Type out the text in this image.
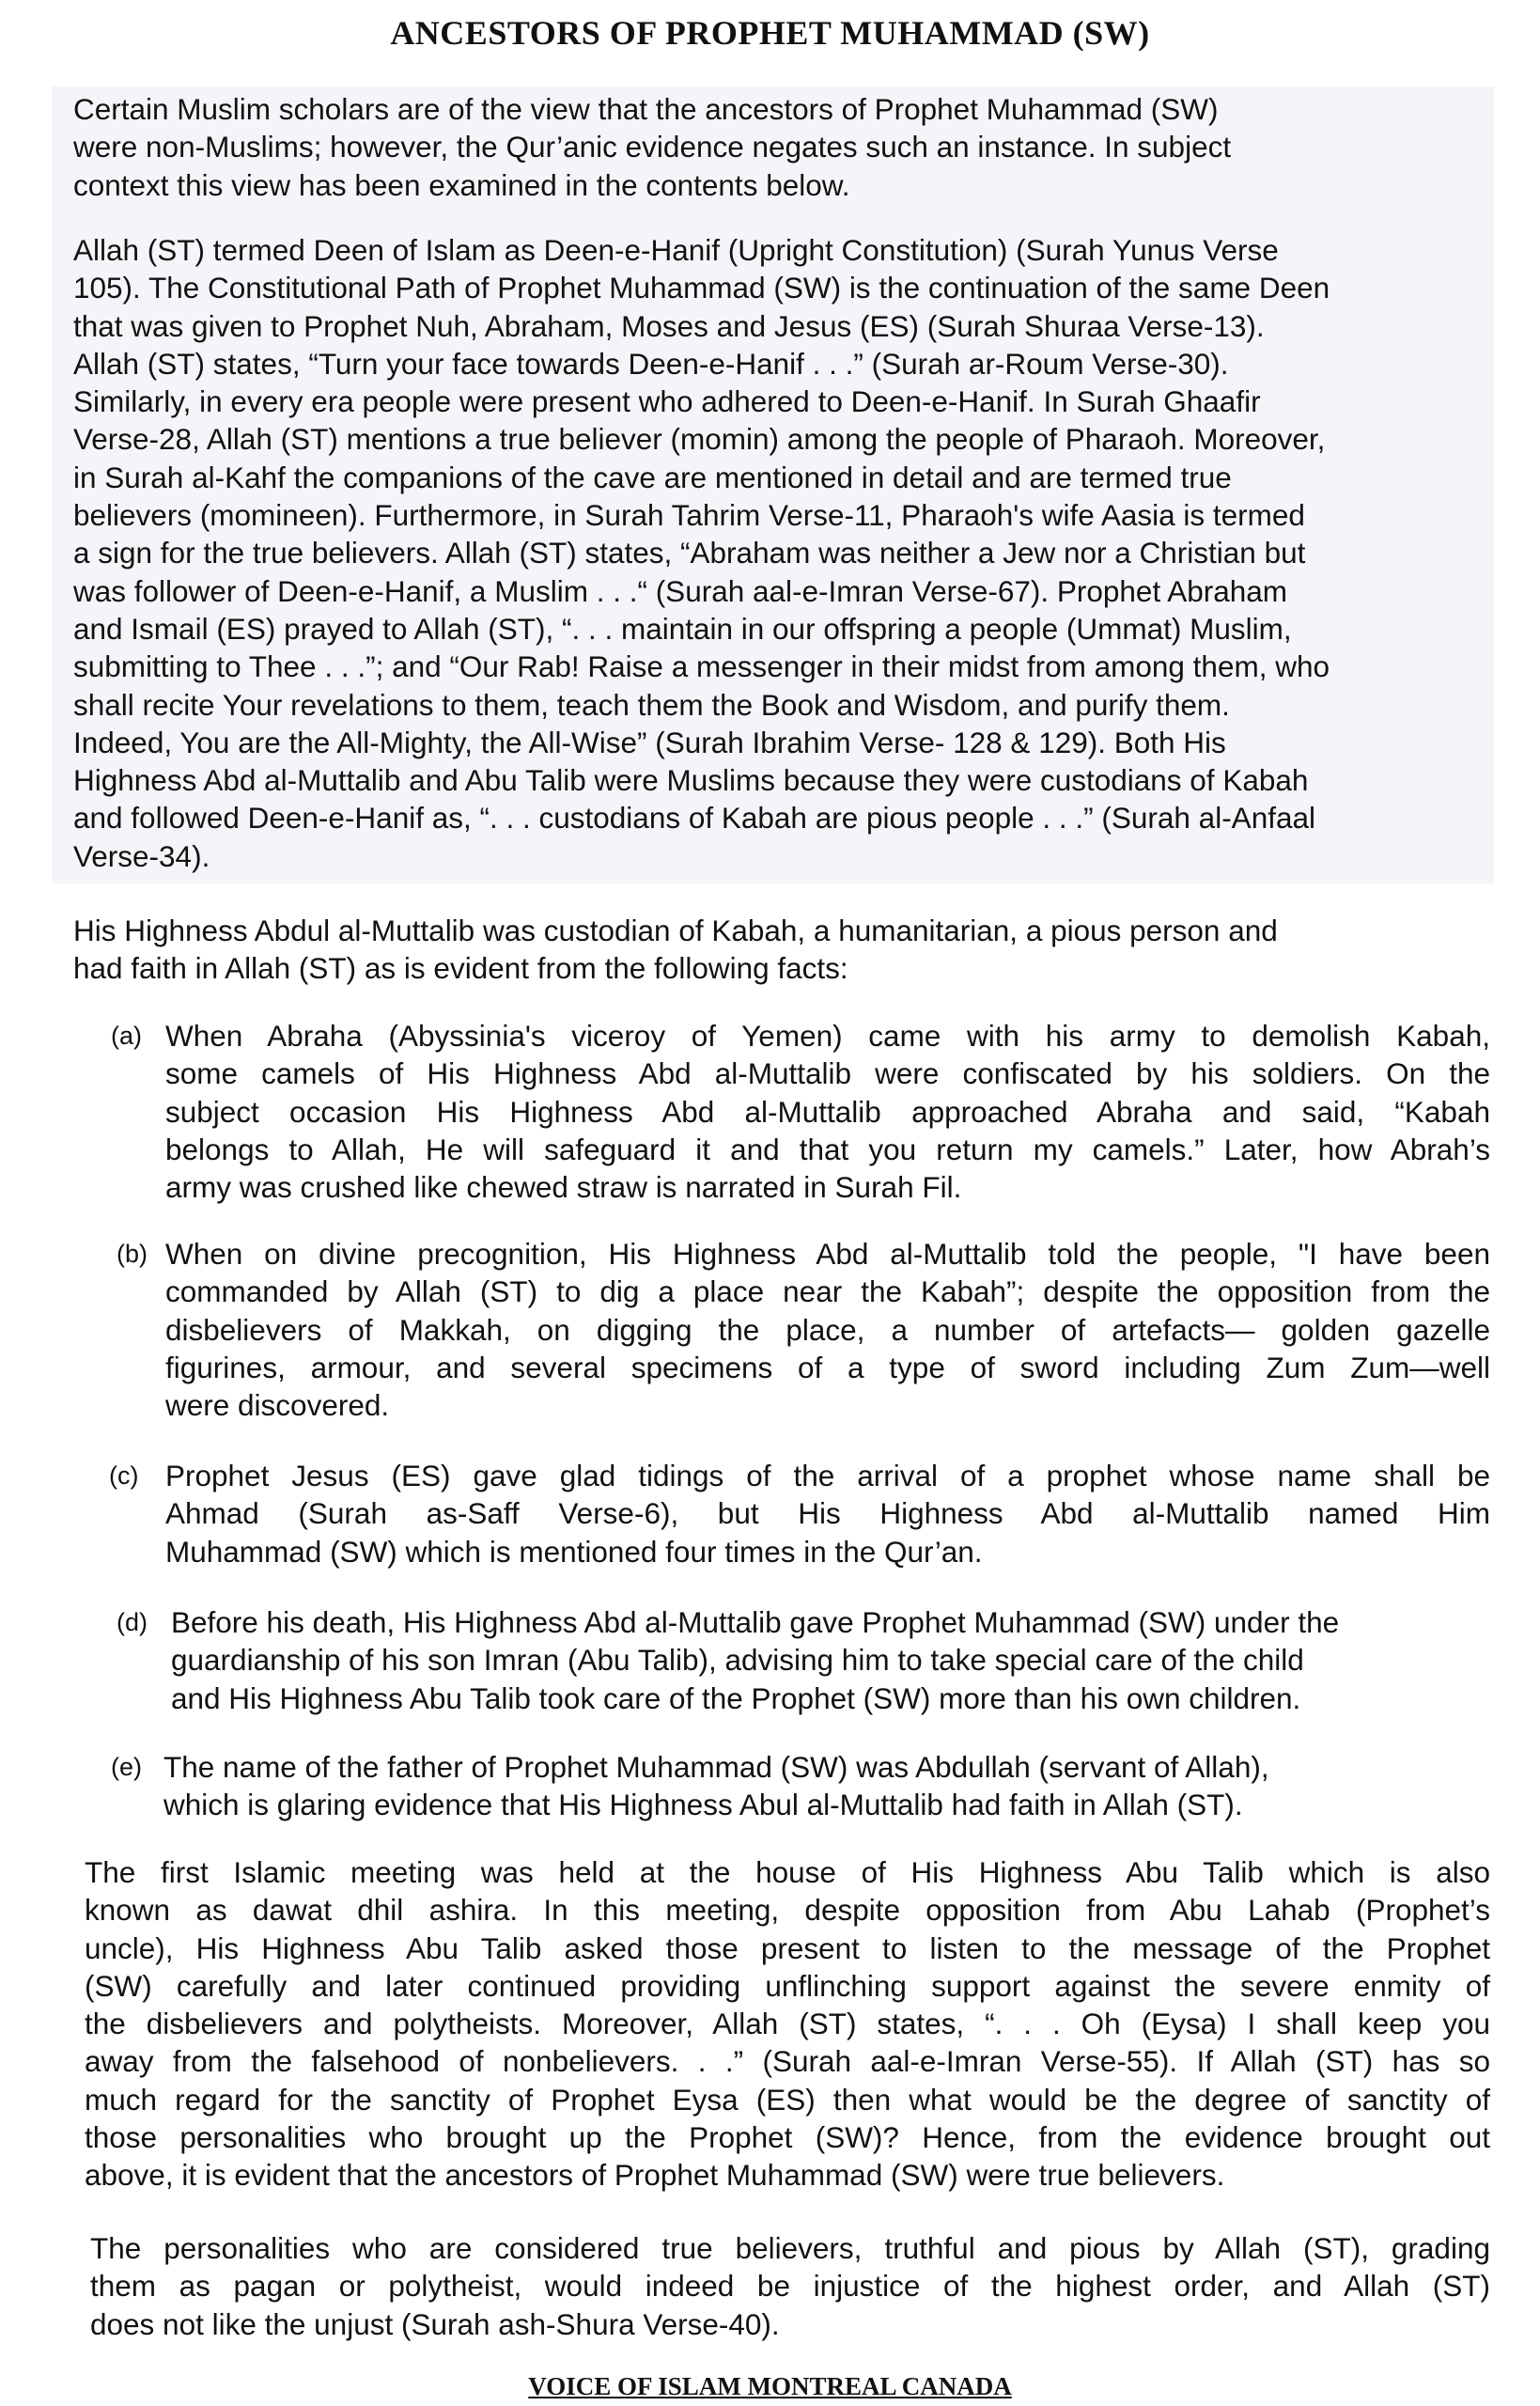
ANCESTORS OF PROPHET MUHAMMAD (SW)
Certain Muslim scholars are of the view that the ancestors of Prophet Muhammad (SW)
were non-Muslims; however, the Qur’anic evidence negates such an instance. In subject
context this view has been examined in the contents below.
Allah (ST) termed Deen of Islam as Deen-e-Hanif (Upright Constitution) (Surah Yunus Verse
105). The Constitutional Path of Prophet Muhammad (SW) is the continuation of the same Deen
that was given to Prophet Nuh, Abraham, Moses and Jesus (ES) (Surah Shuraa Verse-13).
Allah (ST) states, “Turn your face towards Deen-e-Hanif . . .” (Surah ar-Roum Verse-30).
Similarly, in every era people were present who adhered to Deen-e-Hanif. In Surah Ghaafir
Verse-28, Allah (ST) mentions a true believer (momin) among the people of Pharaoh. Moreover,
in Surah al-Kahf the companions of the cave are mentioned in detail and are termed true
believers (momineen). Furthermore, in Surah Tahrim Verse-11, Pharaoh's wife Aasia is termed
a sign for the true believers. Allah (ST) states, “Abraham was neither a Jew nor a Christian but
was follower of Deen-e-Hanif, a Muslim . . .“ (Surah aal-e-Imran Verse-67). Prophet Abraham
and Ismail (ES) prayed to Allah (ST), “. . . maintain in our offspring a people (Ummat) Muslim,
submitting to Thee . . .”; and “Our Rab! Raise a messenger in their midst from among them, who
shall recite Your revelations to them, teach them the Book and Wisdom, and purify them.
Indeed, You are the All-Mighty, the All-Wise” (Surah Ibrahim Verse- 128 & 129). Both His
Highness Abd al-Muttalib and Abu Talib were Muslims because they were custodians of Kabah
and followed Deen-e-Hanif as, “. . . custodians of Kabah are pious people . . .” (Surah al-Anfaal
Verse-34).
His Highness Abdul al-Muttalib was custodian of Kabah, a humanitarian, a pious person and
had faith in Allah (ST) as is evident from the following facts:
(a) When Abraha (Abyssinia's viceroy of Yemen) came with his army to demolish Kabah,
some camels of His Highness Abd al-Muttalib were confiscated by his soldiers. On the
subject occasion His Highness Abd al-Muttalib approached Abraha and said, “Kabah
belongs to Allah, He will safeguard it and that you return my camels.” Later, how Abrah’s
army was crushed like chewed straw is narrated in Surah Fil.
(b) When on divine precognition, His Highness Abd al-Muttalib told the people, "I have been
commanded by Allah (ST) to dig a place near the Kabah”; despite the opposition from the
disbelievers of Makkah, on digging the place, a number of artefacts— golden gazelle
figurines, armour, and several specimens of a type of sword including Zum Zum—well
were discovered.
(c) Prophet Jesus (ES) gave glad tidings of the arrival of a prophet whose name shall be
Ahmad (Surah as-Saff Verse-6), but His Highness Abd al-Muttalib named Him
Muhammad (SW) which is mentioned four times in the Qur’an.
(d) Before his death, His Highness Abd al-Muttalib gave Prophet Muhammad (SW) under the
guardianship of his son Imran (Abu Talib), advising him to take special care of the child
and His Highness Abu Talib took care of the Prophet (SW) more than his own children.
(e) The name of the father of Prophet Muhammad (SW) was Abdullah (servant of Allah),
which is glaring evidence that His Highness Abul al-Muttalib had faith in Allah (ST).
The first Islamic meeting was held at the house of His Highness Abu Talib which is also
known as dawat dhil ashira. In this meeting, despite opposition from Abu Lahab (Prophet’s
uncle), His Highness Abu Talib asked those present to listen to the message of the Prophet
(SW) carefully and later continued providing unflinching support against the severe enmity of
the disbelievers and polytheists. Moreover, Allah (ST) states, “. . . Oh (Eysa) I shall keep you
away from the falsehood of nonbelievers. . .” (Surah aal-e-Imran Verse-55). If Allah (ST) has so
much regard for the sanctity of Prophet Eysa (ES) then what would be the degree of sanctity of
those personalities who brought up the Prophet (SW)? Hence, from the evidence brought out
above, it is evident that the ancestors of Prophet Muhammad (SW) were true believers.
The personalities who are considered true believers, truthful and pious by Allah (ST), grading
them as pagan or polytheist, would indeed be injustice of the highest order, and Allah (ST)
does not like the unjust (Surah ash-Shura Verse-40).
VOICE OF ISLAM MONTREAL CANADA
